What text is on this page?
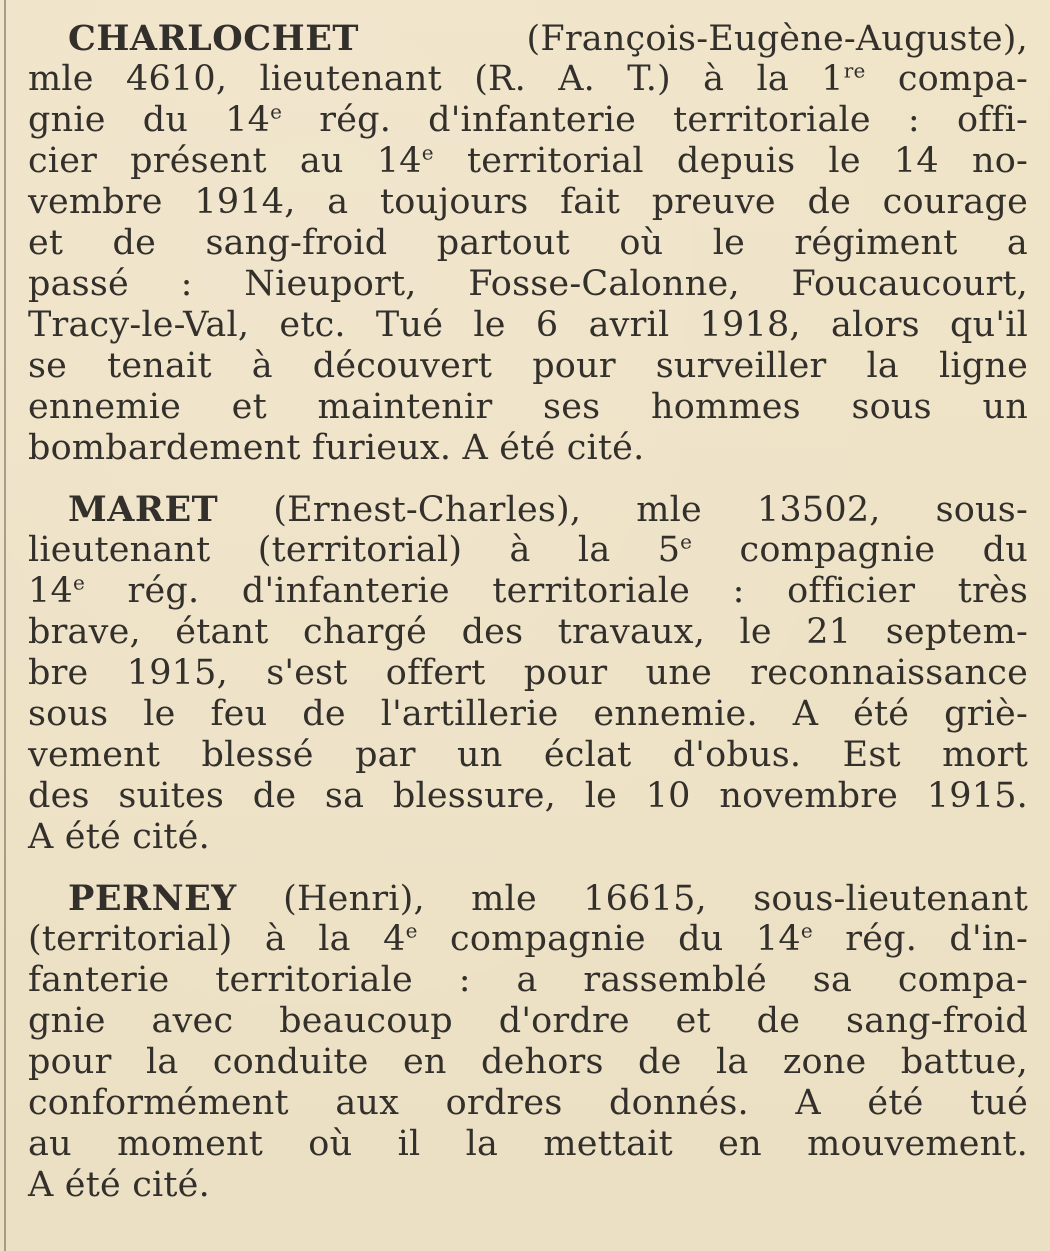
CHARLOCHET (François-Eugène-Auguste),
mle 4610, lieutenant (R. A. T.) à la 1re compa-
gnie du 14e rég. d'infanterie territoriale : offi-
cier présent au 14e territorial depuis le 14 no-
vembre 1914, a toujours fait preuve de courage
et de sang-froid partout où le régiment a
passé : Nieuport, Fosse-Calonne, Foucaucourt,
Tracy-le-Val, etc. Tué le 6 avril 1918, alors qu'il
se tenait à découvert pour surveiller la ligne
ennemie et maintenir ses hommes sous un
bombardement furieux. A été cité.

MARET (Ernest-Charles), mle 13502, sous-
lieutenant (territorial) à la 5e compagnie du
14e rég. d'infanterie territoriale : officier très
brave, étant chargé des travaux, le 21 septem-
bre 1915, s'est offert pour une reconnaissance
sous le feu de l'artillerie ennemie. A été griè-
vement blessé par un éclat d'obus. Est mort
des suites de sa blessure, le 10 novembre 1915.
A été cité.

PERNEY (Henri), mle 16615, sous-lieutenant
(territorial) à la 4e compagnie du 14e rég. d'in-
fanterie territoriale : a rassemblé sa compa-
gnie avec beaucoup d'ordre et de sang-froid
pour la conduite en dehors de la zone battue,
conformément aux ordres donnés. A été tué
au moment où il la mettait en mouvement.
A été cité.
